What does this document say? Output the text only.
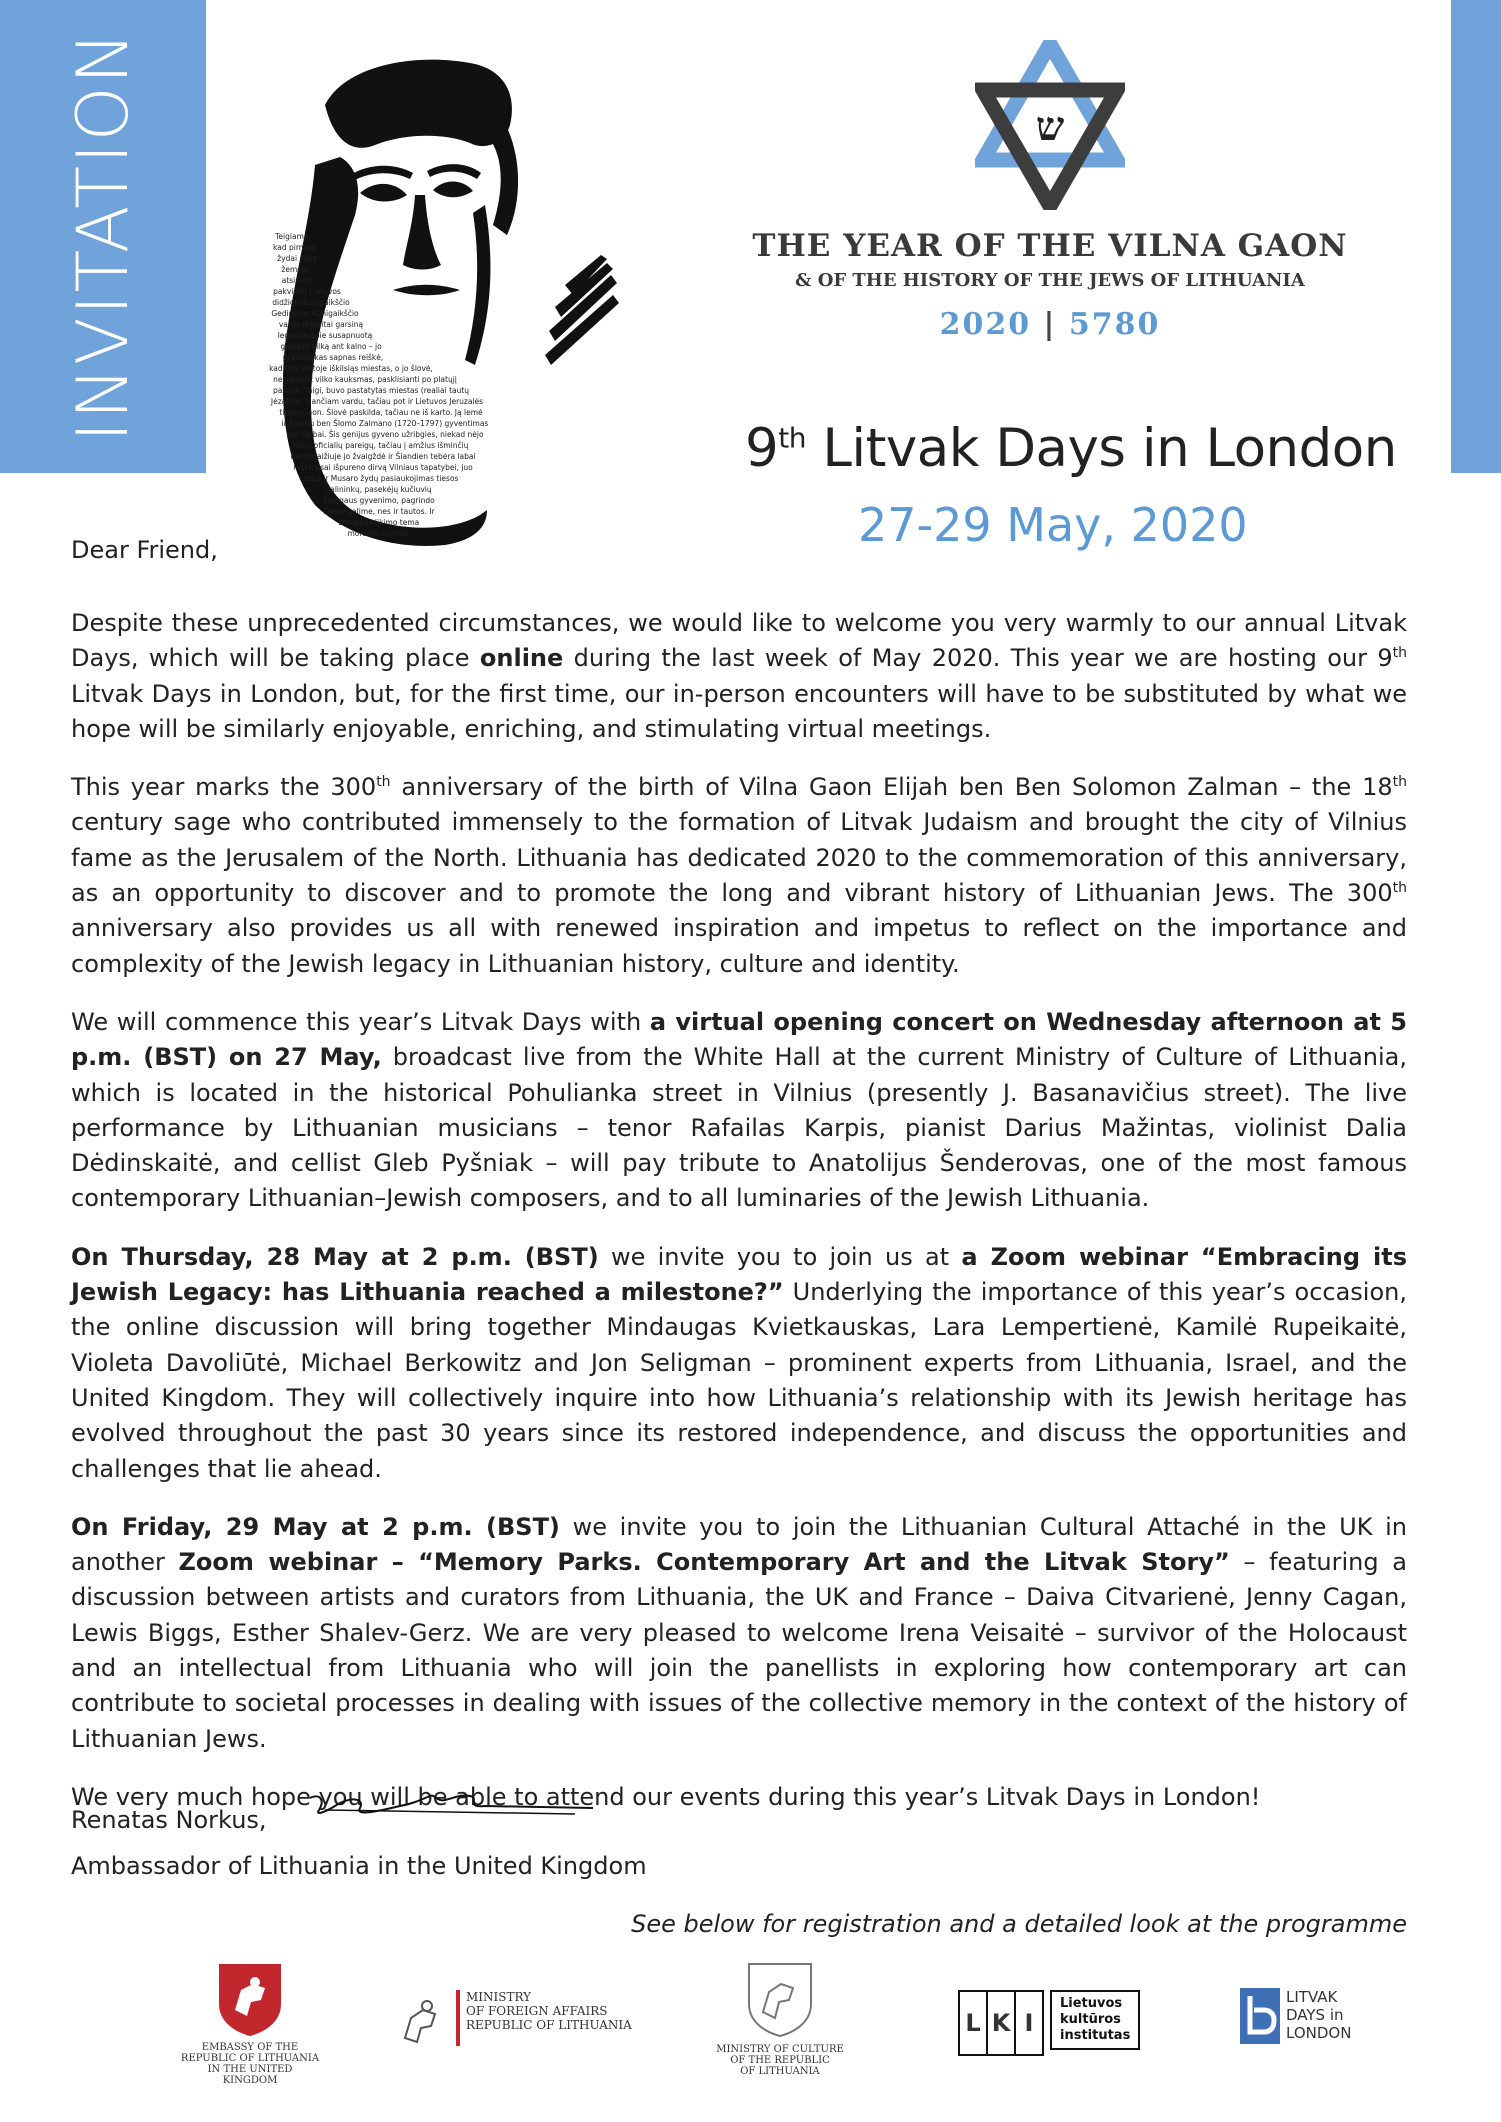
INVITATION	Teigiama,
kad pirmieji
žydai šioje
žemėje
atsirado
pakviesti Lietuvos
didžiojo kunigaikščio
Gedimino. Kunigaikščio
vardą išskaitai garsiną
legendą apie susapnuotą
geležinį vilką ant kalno – jo
pranašiškas sapnas reiškė,
kad toje vietoje iškilsiąs miestas, o jo šlovė,
nelyginant vilko kauksmas, pasklisianti po platųjį
pasaulį. Taigi, buvo pastatytas miestas (realiai tautų
Jėzalėje, tilančiam vardu, tačiau pot ir Lietuvos Jeruzalės
titulu)Gaon. Šlovė paskilda, tačiau ne iš karto. Ją lemė
ir Elijahu ben Šlomo Zalmano (1720–1797) gyventimas
bei darbai. Šis genijus gyveno užribgies, niekad nėjo
jokių oficialių pareigų, tačiau į amžius išminčių
dangoraižiuje jo žvaigždė ir Šiandien tebėra labai
ryški. Jisai išpureno dirvą Vilniaus tapatybei, juo
seka ir Musaro žydų pasiaukojimas tiesos
šalininkų, pasekėjų kučiuvių
žmogaus gyvenimo, pagrindo
Dievo galime, nes ir tautos. Ir
žmogaus likimo tema
moralės normos.
ש
THE YEAR OF THE VILNA GAON
& OF THE HISTORY OF THE JEWS OF LITHUANIA
2020 | 5780
9th Litvak Days in London
27-29 May, 2020
Dear Friend,

Despite these unprecedented circumstances, we would like to welcome you very warmly to our annual Litvak Days, which will be taking place online during the last week of May 2020. This year we are hosting our 9th Litvak Days in London, but, for the first time, our in-person encounters will have to be substituted by what we hope will be similarly enjoyable, enriching, and stimulating virtual meetings.

This year marks the 300th anniversary of the birth of Vilna Gaon Elijah ben Ben Solomon Zalman – the 18th century sage who contributed immensely to the formation of Litvak Judaism and brought the city of Vilnius fame as the Jerusalem of the North. Lithuania has dedicated 2020 to the commemoration of this anniversary, as an opportunity to discover and to promote the long and vibrant history of Lithuanian Jews. The 300th anniversary also provides us all with renewed inspiration and impetus to reflect on the importance and complexity of the Jewish legacy in Lithuanian history, culture and identity.

We will commence this year’s Litvak Days with a virtual opening concert on Wednesday afternoon at 5 p.m. (BST) on 27 May, broadcast live from the White Hall at the current Ministry of Culture of Lithuania, which is located in the historical Pohulianka street in Vilnius (presently J. Basanavičius street). The live performance by Lithuanian musicians – tenor Rafailas Karpis, pianist Darius Mažintas, violinist Dalia Dėdinskaitė, and cellist Gleb Pyšniak – will pay tribute to Anatolijus Šenderovas, one of the most famous contemporary Lithuanian–Jewish composers, and to all luminaries of the Jewish Lithuania.

On Thursday, 28 May at 2 p.m. (BST) we invite you to join us at a Zoom webinar “Embracing its Jewish Legacy: has Lithuania reached a milestone?” Underlying the importance of this year’s occasion, the online discussion will bring together Mindaugas Kvietkauskas, Lara Lempertienė, Kamilė Rupeikaitė, Violeta Davoliūtė, Michael Berkowitz and Jon Seligman – prominent experts from Lithuania, Israel, and the United Kingdom. They will collectively inquire into how Lithuania’s relationship with its Jewish heritage has evolved throughout the past 30 years since its restored independence, and discuss the opportunities and challenges that lie ahead.

On Friday, 29 May at 2 p.m. (BST) we invite you to join the Lithuanian Cultural Attaché in the UK in another Zoom webinar – “Memory Parks. Contemporary Art and the Litvak Story” – featuring a discussion between artists and curators from Lithuania, the UK and France – Daiva Citvarienė, Jenny Cagan, Lewis Biggs, Esther Shalev-Gerz. We are very pleased to welcome Irena Veisaitė – survivor of the Holocaust and an intellectual from Lithuania who will join the panellists in exploring how contemporary art can contribute to societal processes in dealing with issues of the collective memory in the context of the history of Lithuanian Jews.

We very much hope you will be able to attend our events during this year’s Litvak Days in London!

Renatas Norkus,
Ambassador of Lithuania in the United Kingdom
See below for registration and a detailed look at the programme
EMBASSY OF THE
REPUBLIC OF LITHUANIA
IN THE UNITED KINGDOM
MINISTRY
OF FOREIGN AFFAIRS
REPUBLIC OF LITHUANIA
MINISTRY OF CULTURE
OF THE REPUBLIC
OF LITHUANIA
L K I
Lietuvos
kultūros
institutas
LITVAK
DAYS in
LONDON
